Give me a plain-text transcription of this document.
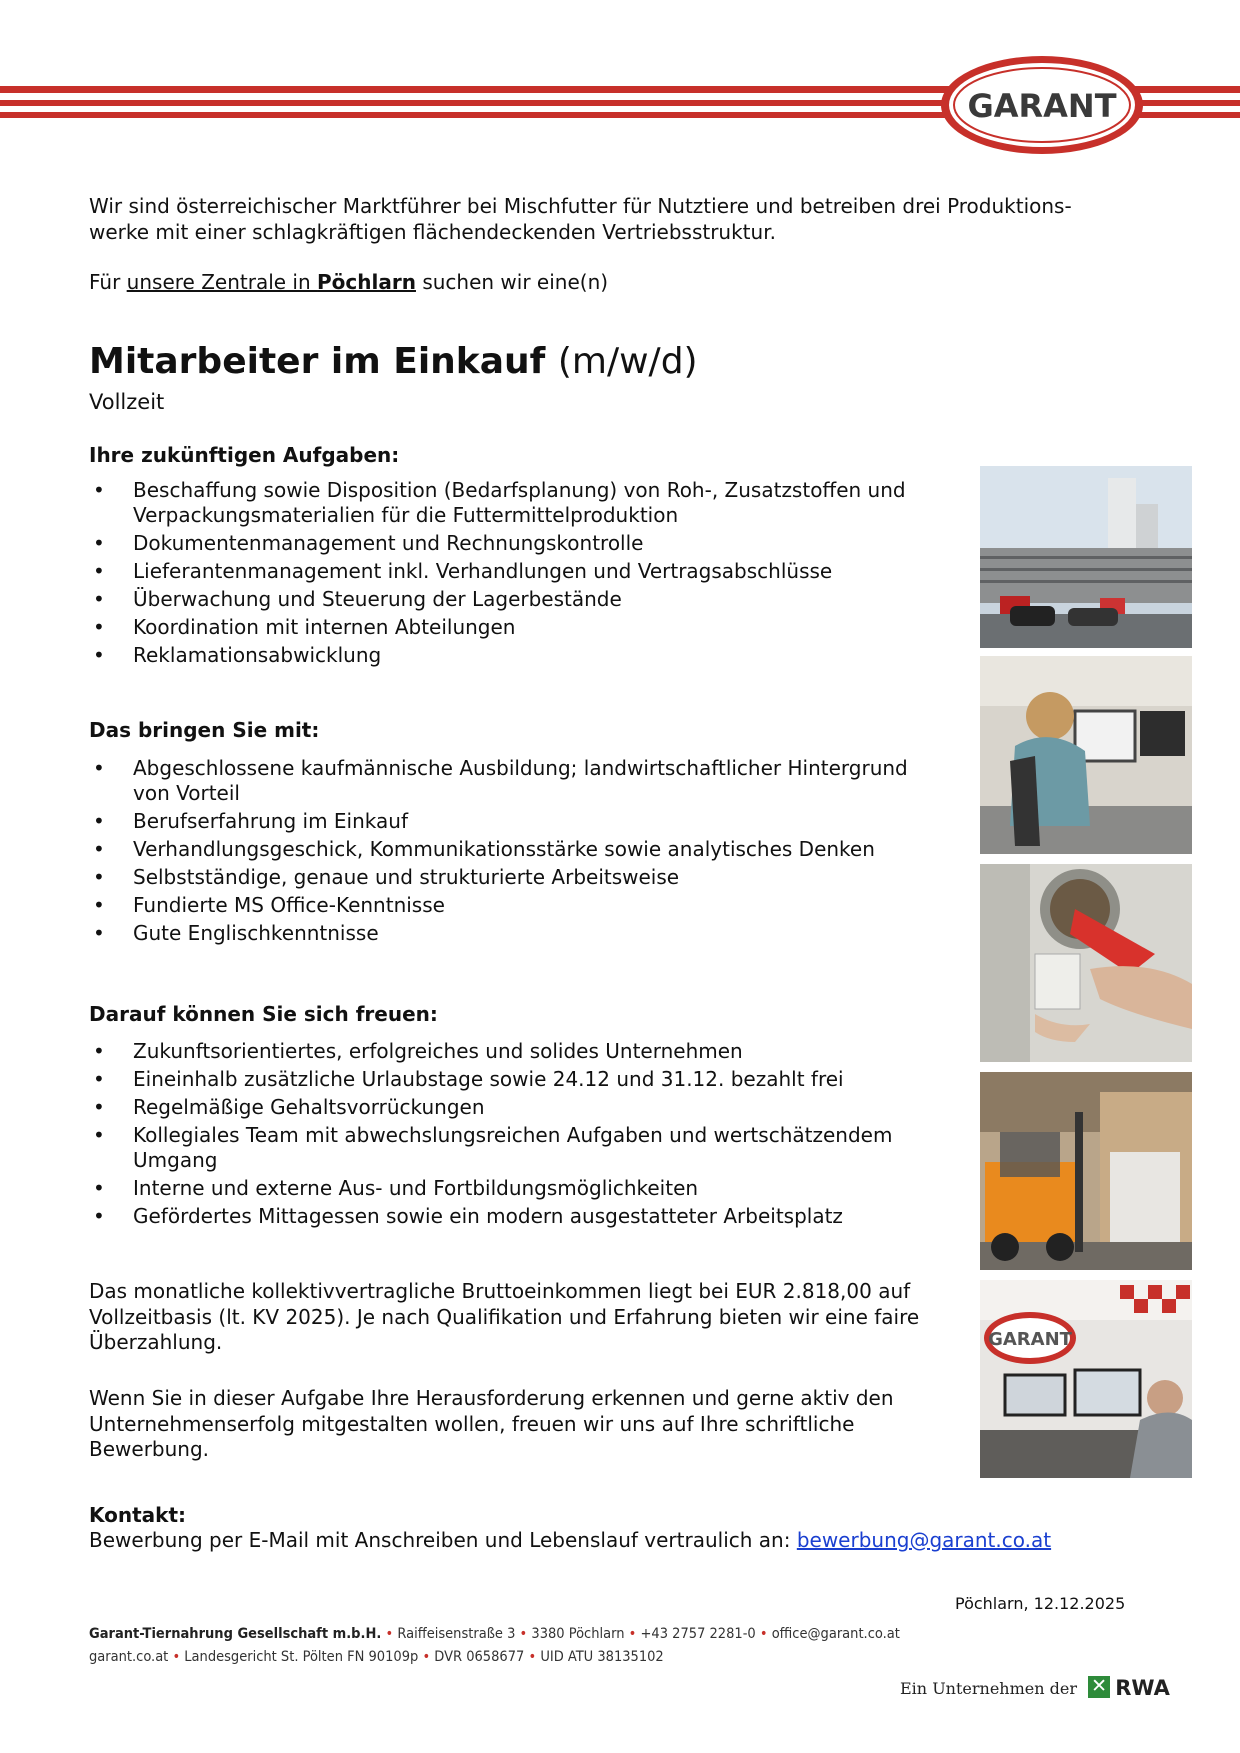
GARANT
Wir sind österreichischer Marktführer bei Mischfutter für Nutztiere und betreiben drei Produktions-
werke mit einer schlagkräftigen flächendeckenden Vertriebsstruktur.
Für unsere Zentrale in Pöchlarn suchen wir eine(n)
Mitarbeiter im Einkauf (m/w/d)
Vollzeit
Ihre zukünftigen Aufgaben:
• Beschaffung sowie Disposition (Bedarfsplanung) von Roh-, Zusatzstoffen und Verpackungsmaterialien für die Futtermittelproduktion
• Dokumentenmanagement und Rechnungskontrolle
• Lieferantenmanagement inkl. Verhandlungen und Vertragsabschlüsse
• Überwachung und Steuerung der Lagerbestände
• Koordination mit internen Abteilungen
• Reklamationsabwicklung
Das bringen Sie mit:
• Abgeschlossene kaufmännische Ausbildung; landwirtschaftlicher Hintergrund von Vorteil
• Berufserfahrung im Einkauf
• Verhandlungsgeschick, Kommunikationsstärke sowie analytisches Denken
• Selbstständige, genaue und strukturierte Arbeitsweise
• Fundierte MS Office-Kenntnisse
• Gute Englischkenntnisse
Darauf können Sie sich freuen:
• Zukunftsorientiertes, erfolgreiches und solides Unternehmen
• Eineinhalb zusätzliche Urlaubstage sowie 24.12 und 31.12. bezahlt frei
• Regelmäßige Gehaltsvorrückungen
• Kollegiales Team mit abwechslungsreichen Aufgaben und wertschätzendem Umgang
• Interne und externe Aus- und Fortbildungsmöglichkeiten
• Gefördertes Mittagessen sowie ein modern ausgestatteter Arbeitsplatz
Das monatliche kollektivvertragliche Bruttoeinkommen liegt bei EUR 2.818,00 auf Vollzeitbasis (lt. KV 2025). Je nach Qualifikation und Erfahrung bieten wir eine faire Überzahlung.
Wenn Sie in dieser Aufgabe Ihre Herausforderung erkennen und gerne aktiv den Unternehmenserfolg mitgestalten wollen, freuen wir uns auf Ihre schriftliche Bewerbung.
Kontakt:
Bewerbung per E-Mail mit Anschreiben und Lebenslauf vertraulich an: bewerbung@garant.co.at
Pöchlarn, 12.12.2025
Garant-Tiernahrung Gesellschaft m.b.H. • Raiffeisenstraße 3 • 3380 Pöchlarn • +43 2757 2281-0 • office@garant.co.at
garant.co.at • Landesgericht St. Pölten FN 90109p • DVR 0658677 • UID ATU 38135102
Ein Unternehmen der ✕ RWA
GARANT
